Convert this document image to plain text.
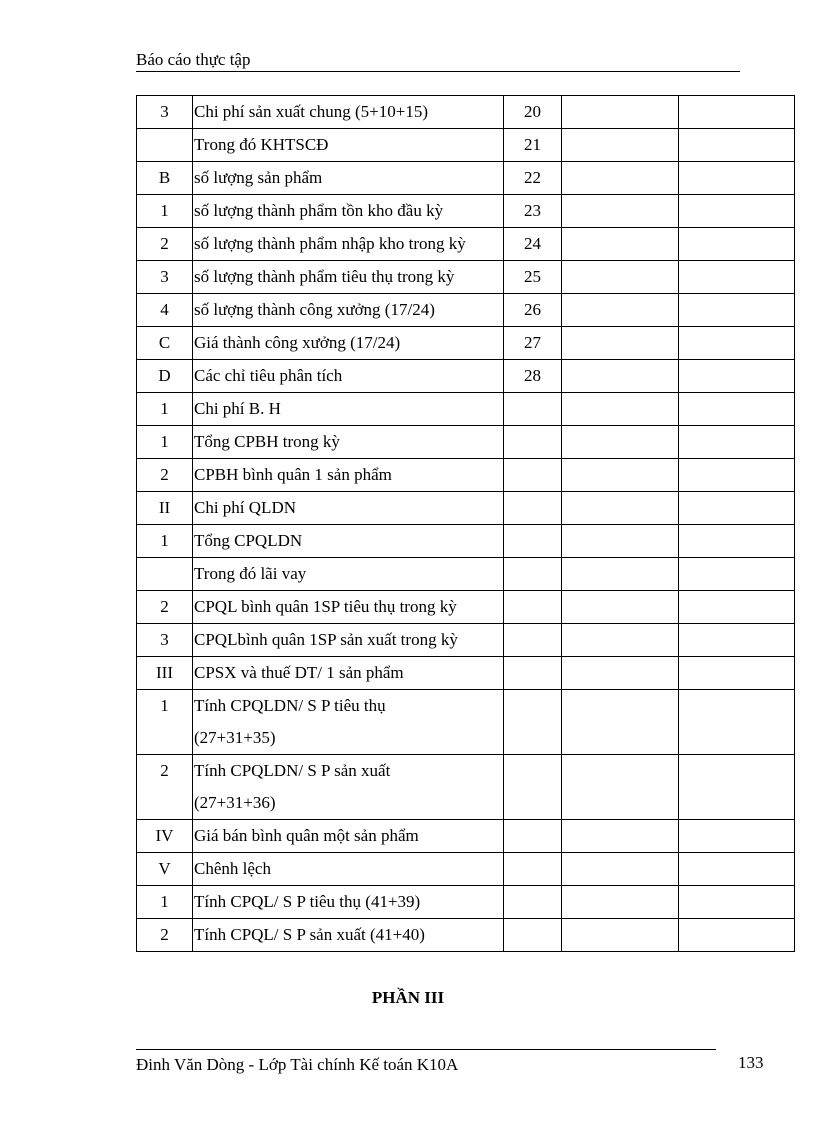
Báo cáo thực tập
3	Chi phí sản xuất chung (5+10+15)	20		

	Trong đó KHTSCĐ	21		
B	số lượng sản phẩm	22		
1	số lượng thành phẩm tồn kho đầu kỳ	23		
2	số lượng thành phẩm nhập kho trong kỳ	24		
3	số lượng thành phẩm tiêu thụ trong kỳ	25		
4	số lượng thành công xưởng (17/24)	26		
C	Giá thành công xưởng (17/24)	27		
D	Các chỉ tiêu phân tích	28		
1	Chi phí B. H			

1	Tổng CPBH trong kỳ			

2	CPBH bình quân 1 sản phẩm			

II	Chi phí QLDN			

1	Tổng CPQLDN			

	Trong đó lãi vay			

2	CPQL bình quân 1SP tiêu thụ trong kỳ			

3	CPQLbình quân 1SP sản xuất trong kỳ			

III	CPSX và thuế DT/ 1 sản phẩm			

1	Tính CPQLDN/ S P tiêu thụ
(27+31+35)			

2	Tính CPQLDN/ S P sản xuất
(27+31+36)			

IV	Giá bán bình quân một sản phẩm			

V	Chênh lệch			

1	Tính CPQL/ S P tiêu thụ (41+39)			

2	Tính CPQL/ S P sản xuất (41+40)			

PHẦN III
Đinh Văn Dòng - Lớp Tài chính Kế toán K10A	133
